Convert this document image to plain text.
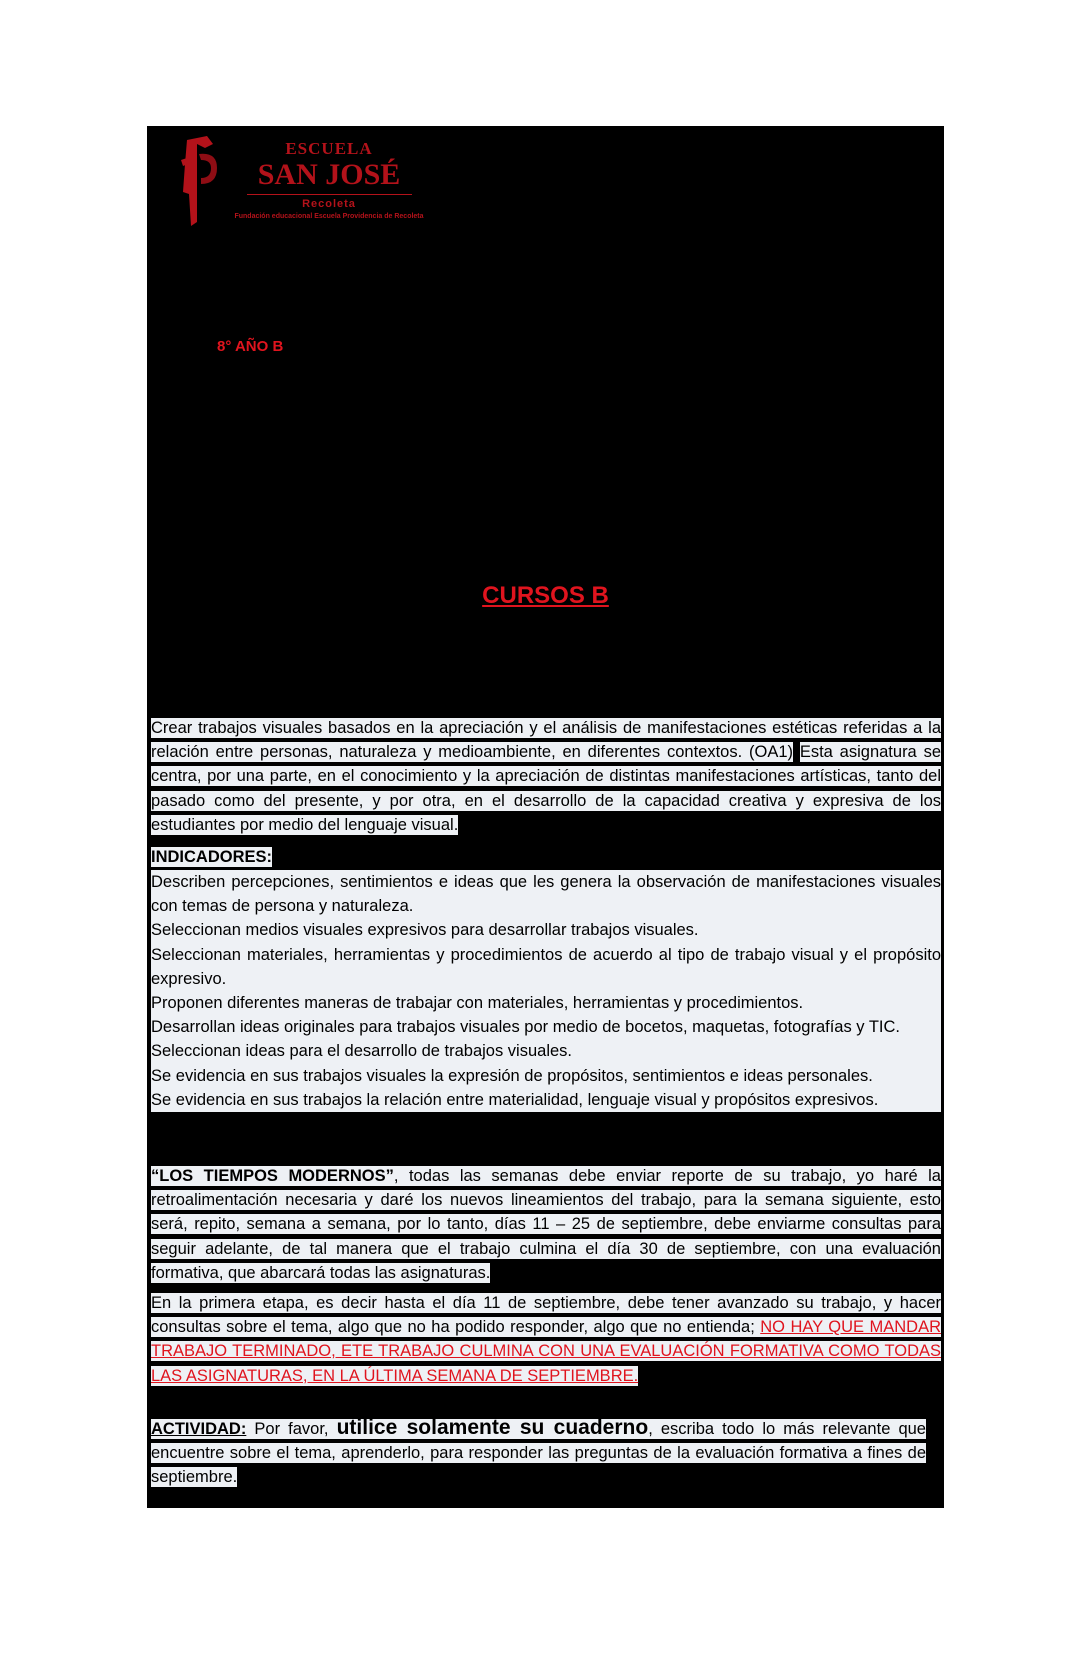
ESCUELA
SAN JOSÉ
Recoleta
Fundación educacional Escuela Providencia de Recoleta
8° AÑO B
CURSOS B
Crear trabajos visuales basados en la apreciación y el análisis de manifestaciones estéticas referidas a la relación entre personas, naturaleza y medioambiente, en diferentes contextos. (OA1) Esta asignatura se centra, por una parte, en el conocimiento y la apreciación de distintas manifestaciones artísticas, tanto del pasado como del presente, y por otra, en el desarrollo de la capacidad creativa y expresiva de los estudiantes por medio del lenguaje visual.
INDICADORES:
Describen percepciones, sentimientos e ideas que les genera la observación de manifestaciones visuales con temas de persona y naturaleza.
Seleccionan medios visuales expresivos para desarrollar trabajos visuales.
Seleccionan materiales, herramientas y procedimientos de acuerdo al tipo de trabajo visual y el propósito expresivo.
Proponen diferentes maneras de trabajar con materiales, herramientas y procedimientos.
Desarrollan ideas originales para trabajos visuales por medio de bocetos, maquetas, fotografías y TIC.
Seleccionan ideas para el desarrollo de trabajos visuales.
Se evidencia en sus trabajos visuales la expresión de propósitos, sentimientos e ideas personales.
Se evidencia en sus trabajos la relación entre materialidad, lenguaje visual y propósitos expresivos.
“LOS TIEMPOS MODERNOS”, todas las semanas debe enviar reporte de su trabajo, yo haré la retroalimentación necesaria y daré los nuevos lineamientos del trabajo, para la semana siguiente, esto será, repito, semana a semana, por lo tanto, días 11 – 25 de septiembre, debe enviarme consultas para seguir adelante, de tal manera que el trabajo culmina el día 30 de septiembre, con una evaluación formativa, que abarcará todas las asignaturas.
En la primera etapa, es decir hasta el día 11 de septiembre, debe tener avanzado su trabajo, y hacer consultas sobre el tema, algo que no ha podido responder, algo que no entienda; NO HAY QUE MANDAR TRABAJO TERMINADO, ETE TRABAJO CULMINA CON UNA EVALUACIÓN FORMATIVA COMO TODAS LAS ASIGNATURAS, EN LA ÚLTIMA SEMANA DE SEPTIEMBRE.
ACTIVIDAD: Por favor, utilice solamente su cuaderno, escriba todo lo más relevante que encuentre sobre el tema, aprenderlo, para responder las preguntas de la evaluación formativa a fines de septiembre.
